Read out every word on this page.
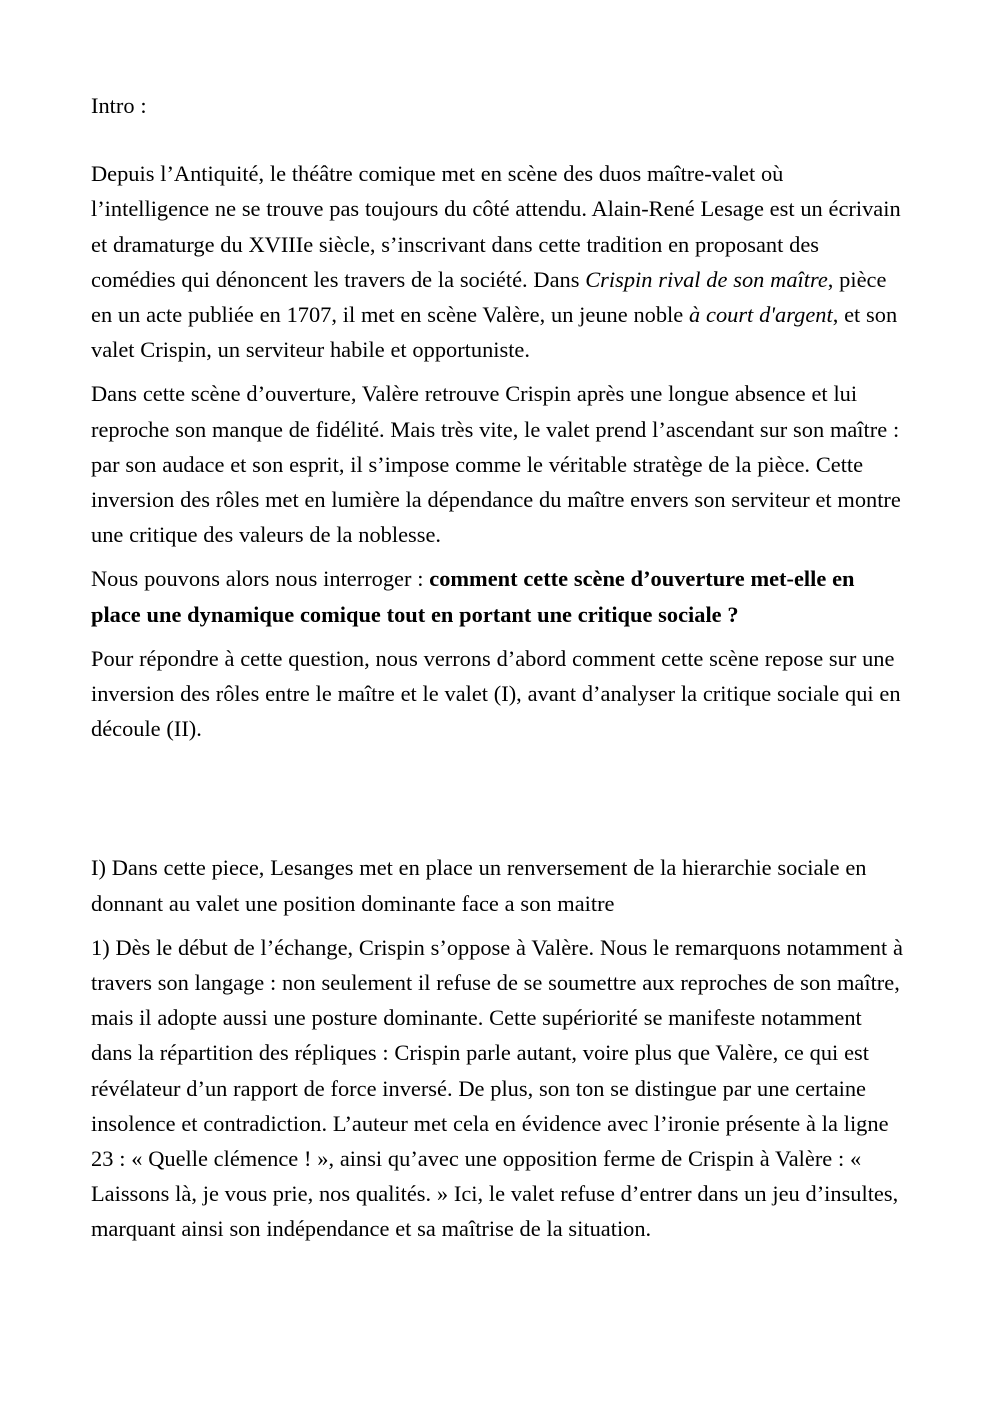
Intro :

Depuis l’Antiquité, le théâtre comique met en scène des duos maître-valet où l’intelligence ne se trouve pas toujours du côté attendu. Alain-René Lesage est un écrivain et dramaturge du XVIIIe siècle, s’inscrivant dans cette tradition en proposant des comédies qui dénoncent les travers de la société. Dans Crispin rival de son maître, pièce en un acte publiée en 1707, il met en scène Valère, un jeune noble à court d'argent, et son valet Crispin, un serviteur habile et opportuniste.

Dans cette scène d’ouverture, Valère retrouve Crispin après une longue absence et lui reproche son manque de fidélité. Mais très vite, le valet prend l’ascendant sur son maître : par son audace et son esprit, il s’impose comme le véritable stratège de la pièce. Cette inversion des rôles met en lumière la dépendance du maître envers son serviteur et montre une critique des valeurs de la noblesse.

Nous pouvons alors nous interroger : comment cette scène d’ouverture met-elle en place une dynamique comique tout en portant une critique sociale ?

Pour répondre à cette question, nous verrons d’abord comment cette scène repose sur une inversion des rôles entre le maître et le valet (I), avant d’analyser la critique sociale qui en découle (II).

I) Dans cette piece, Lesanges met en place un renversement de la hierarchie sociale en donnant au valet une position dominante face a son maitre

1) Dès le début de l’échange, Crispin s’oppose à Valère. Nous le remarquons notamment à travers son langage : non seulement il refuse de se soumettre aux reproches de son maître, mais il adopte aussi une posture dominante. Cette supériorité se manifeste notamment dans la répartition des répliques : Crispin parle autant, voire plus que Valère, ce qui est révélateur d’un rapport de force inversé. De plus, son ton se distingue par une certaine insolence et contradiction. L’auteur met cela en évidence avec l’ironie présente à la ligne 23 : « Quelle clémence ! », ainsi qu’avec une opposition ferme de Crispin à Valère : « Laissons là, je vous prie, nos qualités. » Ici, le valet refuse d’entrer dans un jeu d’insultes, marquant ainsi son indépendance et sa maîtrise de la situation.
